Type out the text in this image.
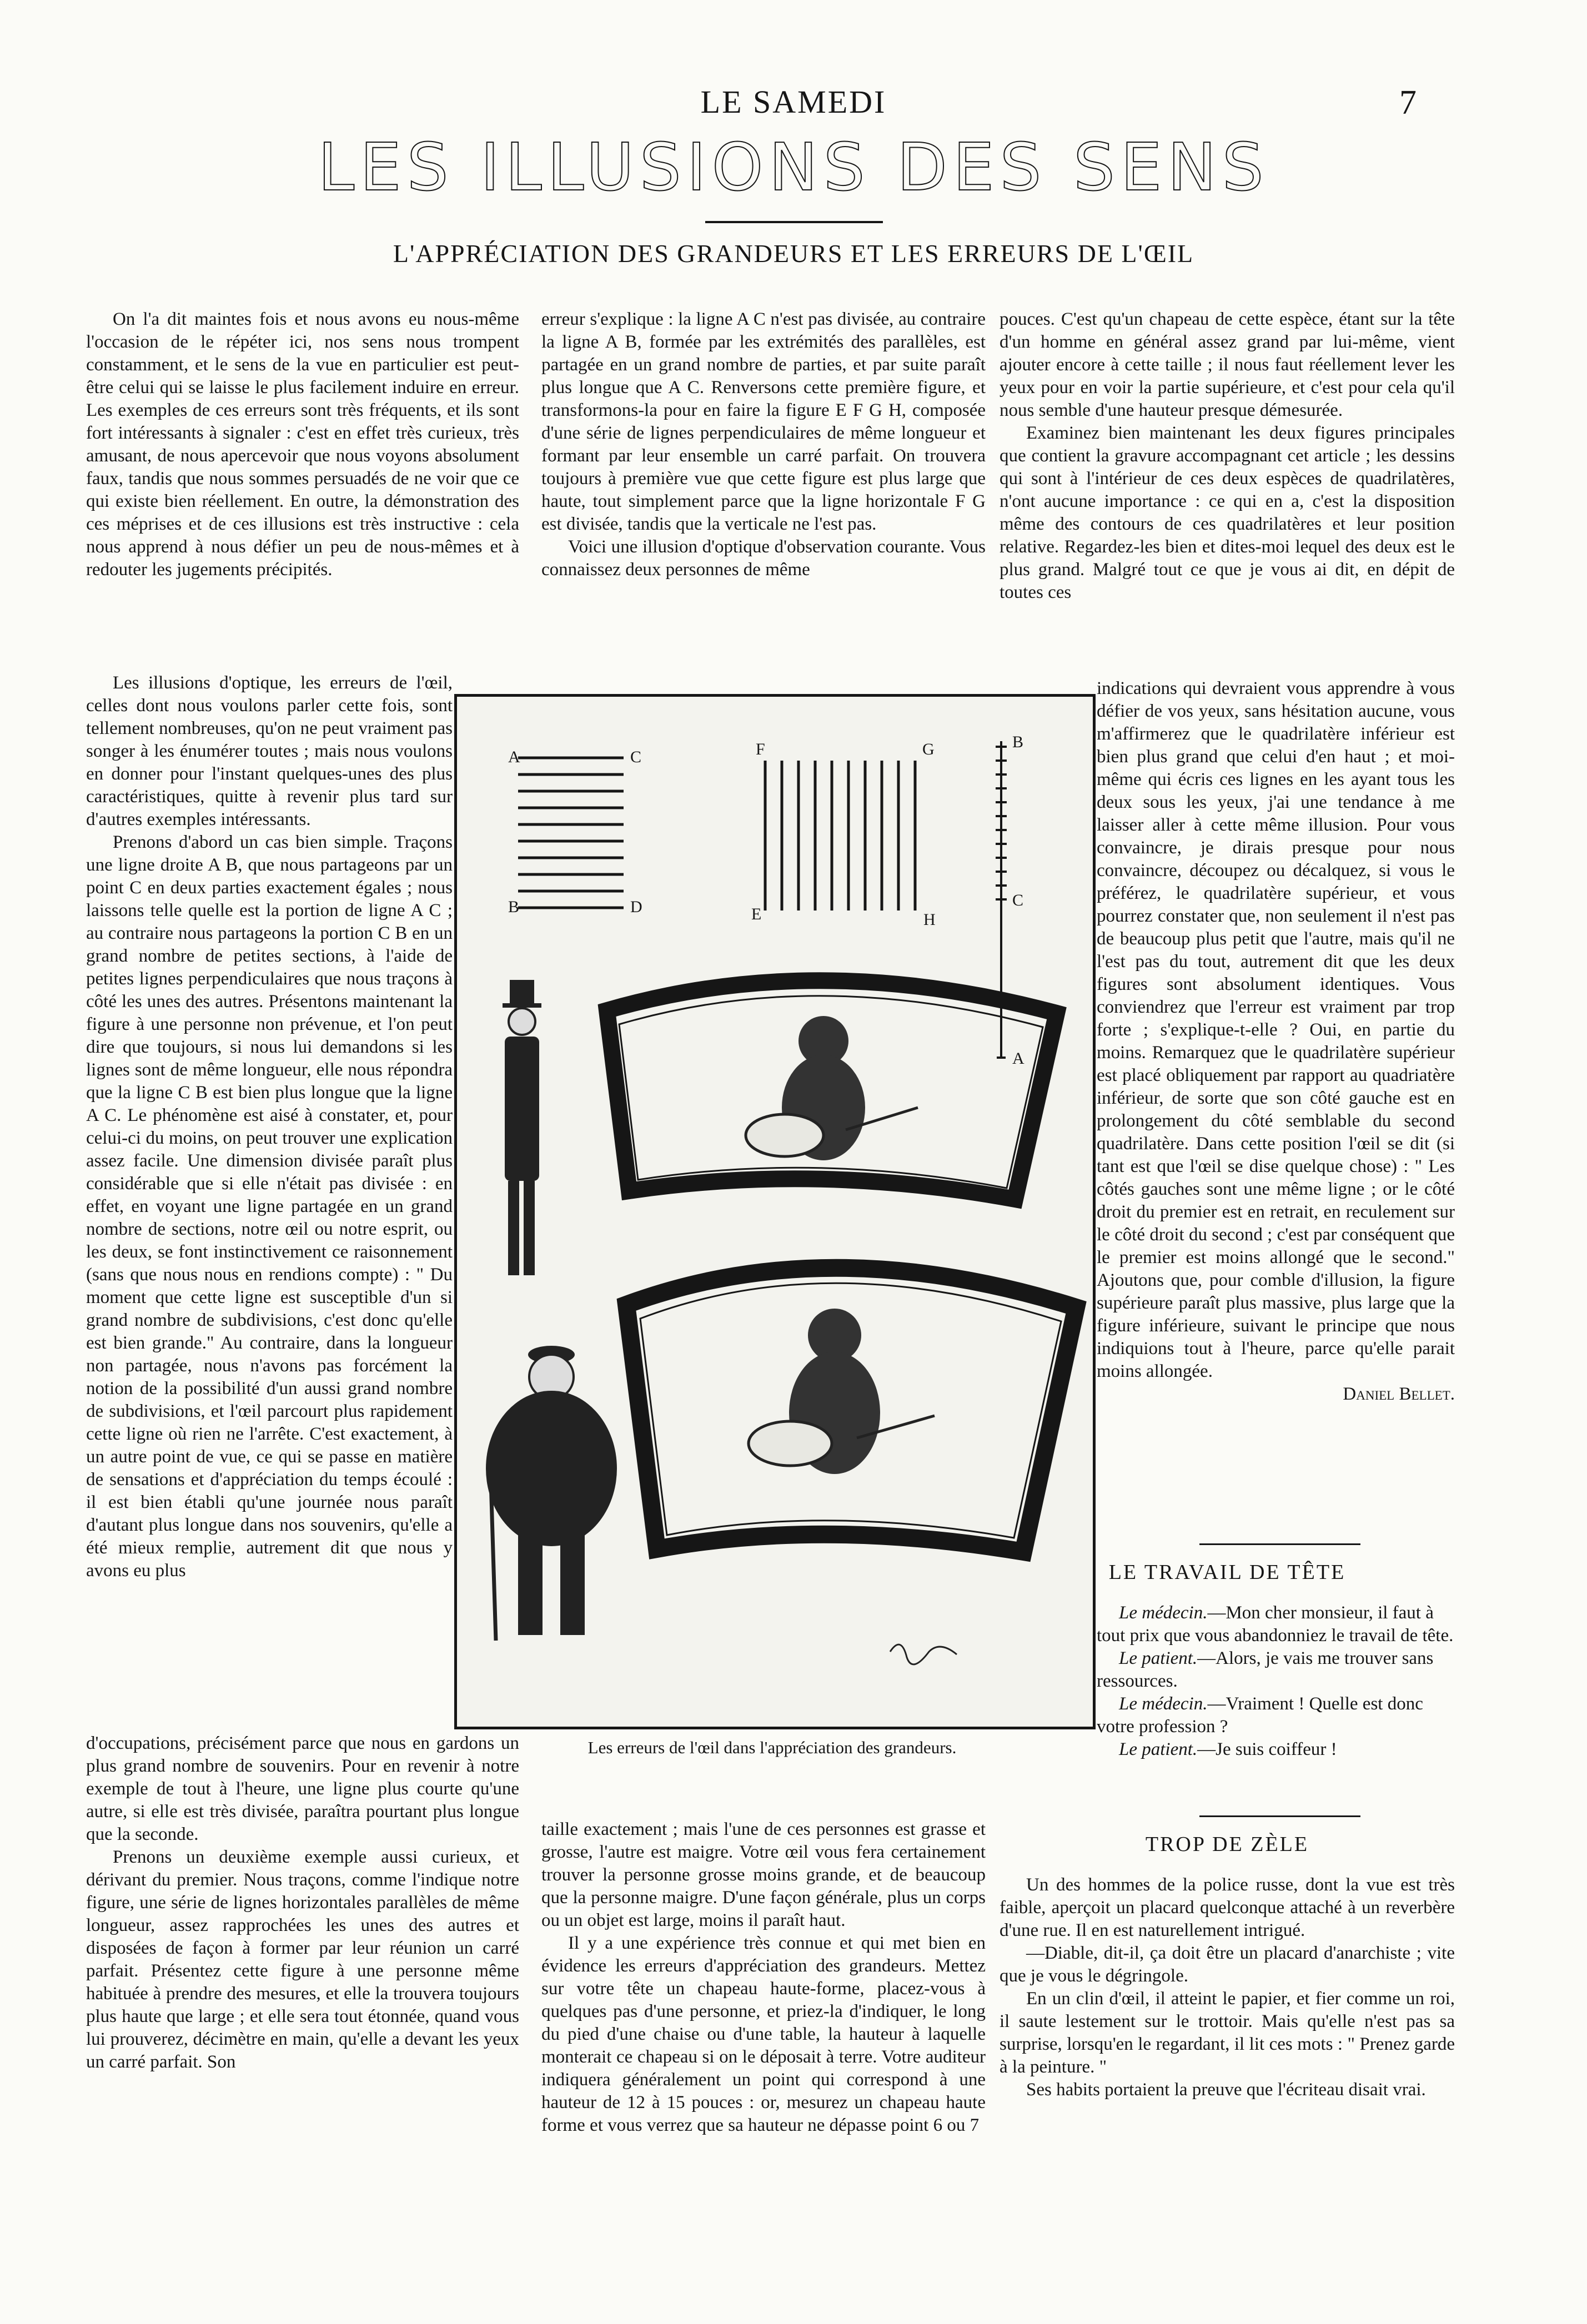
LE SAMEDI	7
LES ILLUSIONS DES SENS
L'APPRÉCIATION DES GRANDEURS ET LES ERREURS DE L'ŒIL

On l'a dit maintes fois et nous avons eu nous-même l'occasion de le répéter ici, nos sens nous trompent constamment, et le sens de la vue en particulier est peut-être celui qui se laisse le plus facilement induire en erreur. Les exemples de ces erreurs sont très fréquents, et ils sont fort intéressants à signaler : c'est en effet très curieux, très amusant, de nous apercevoir que nous voyons absolument faux, tandis que nous sommes persuadés de ne voir que ce qui existe bien réellement. En outre, la démonstration des ces méprises et de ces illusions est très instructive : cela nous apprend à nous défier un peu de nous-mêmes et à redouter les jugements précipités.

Les illusions d'optique, les erreurs de l'œil, celles dont nous voulons parler cette fois, sont tellement nombreuses, qu'on ne peut vraiment pas songer à les énumérer toutes ; mais nous voulons en donner pour l'instant quelques-unes des plus caractéristiques, quitte à revenir plus tard sur d'autres exemples intéressants.

Prenons d'abord un cas bien simple. Traçons une ligne droite A B, que nous partageons par un point C en deux parties exactement égales ; nous laissons telle quelle est la portion de ligne A C ; au contraire nous partageons la portion C B en un grand nombre de petites sections, à l'aide de petites lignes perpendiculaires que nous traçons à côté les unes des autres. Présentons maintenant la figure à une personne non prévenue, et l'on peut dire que toujours, si nous lui demandons si les lignes sont de même longueur, elle nous répondra que la ligne C B est bien plus longue que la ligne A C. Le phénomène est aisé à constater, et, pour celui-ci du moins, on peut trouver une explication assez facile. Une dimension divisée paraît plus considérable que si elle n'était pas divisée : en effet, en voyant une ligne partagée en un grand nombre de sections, notre œil ou notre esprit, ou les deux, se font instinctivement ce raisonnement (sans que nous nous en rendions compte) : " Du moment que cette ligne est susceptible d'un si grand nombre de subdivisions, c'est donc qu'elle est bien grande." Au contraire, dans la longueur non partagée, nous n'avons pas forcément la notion de la possibilité d'un aussi grand nombre de subdivisions, et l'œil parcourt plus rapidement cette ligne où rien ne l'arrête. C'est exactement, à un autre point de vue, ce qui se passe en matière de sensations et d'appréciation du temps écoulé : il est bien établi qu'une journée nous paraît d'autant plus longue dans nos souvenirs, qu'elle a été mieux remplie, autrement dit que nous y avons eu plus

d'occupations, précisément parce que nous en gardons un plus grand nombre de souvenirs. Pour en revenir à notre exemple de tout à l'heure, une ligne plus courte qu'une autre, si elle est très divisée, paraîtra pourtant plus longue que la seconde.

Prenons un deuxième exemple aussi curieux, et dérivant du premier. Nous traçons, comme l'indique notre figure, une série de lignes horizontales parallèles de même longueur, assez rapprochées les unes des autres et disposées de façon à former par leur réunion un carré parfait. Présentez cette figure à une personne même habituée à prendre des mesures, et elle la trouvera toujours plus haute que large ; et elle sera tout étonnée, quand vous lui prouverez, décimètre en main, qu'elle a devant les yeux un carré parfait. Son

erreur s'explique : la ligne A C n'est pas divisée, au contraire la ligne A B, formée par les extrémités des parallèles, est partagée en un grand nombre de parties, et par suite paraît plus longue que A C. Renversons cette première figure, et transformons-la pour en faire la figure E F G H, composée d'une série de lignes perpendiculaires de même longueur et formant par leur ensemble un carré parfait. On trouvera toujours à première vue que cette figure est plus large que haute, tout simplement parce que la ligne horizontale F G est divisée, tandis que la verticale ne l'est pas.

Voici une illusion d'optique d'observation courante. Vous connaissez deux personnes de même

taille exactement ; mais l'une de ces personnes est grasse et grosse, l'autre est maigre. Votre œil vous fera certainement trouver la personne grosse moins grande, et de beaucoup que la personne maigre. D'une façon générale, plus un corps ou un objet est large, moins il paraît haut.

Il y a une expérience très connue et qui met bien en évidence les erreurs d'appréciation des grandeurs. Mettez sur votre tête un chapeau haute-forme, placez-vous à quelques pas d'une personne, et priez-la d'indiquer, le long du pied d'une chaise ou d'une table, la hauteur à laquelle monterait ce chapeau si on le déposait à terre. Votre auditeur indiquera généralement un point qui correspond à une hauteur de 12 à 15 pouces : or, mesurez un chapeau haute forme et vous verrez que sa hauteur ne dépasse point 6 ou 7

pouces. C'est qu'un chapeau de cette espèce, étant sur la tête d'un homme en général assez grand par lui-même, vient ajouter encore à cette taille ; il nous faut réellement lever les yeux pour en voir la partie supérieure, et c'est pour cela qu'il nous semble d'une hauteur presque démesurée.

Examinez bien maintenant les deux figures principales que contient la gravure accompagnant cet article ; les dessins qui sont à l'intérieur de ces deux espèces de quadrilatères, n'ont aucune importance : ce qui en a, c'est la disposition même des contours de ces quadrilatères et leur position relative. Regardez-les bien et dites-moi lequel des deux est le plus grand. Malgré tout ce que je vous ai dit, en dépit de toutes ces

indications qui devraient vous apprendre à vous défier de vos yeux, sans hésitation aucune, vous m'affirmerez que le quadrilatère inférieur est bien plus grand que celui d'en haut ; et moi-même qui écris ces lignes en les ayant tous les deux sous les yeux, j'ai une tendance à me laisser aller à cette même illusion. Pour vous convaincre, je dirais presque pour nous convaincre, découpez ou décalquez, si vous le préférez, le quadrilatère supérieur, et vous pourrez constater que, non seulement il n'est pas de beaucoup plus petit que l'autre, mais qu'il ne l'est pas du tout, autrement dit que les deux figures sont absolument identiques. Vous conviendrez que l'erreur est vraiment par trop forte ; s'explique-t-elle ? Oui, en partie du moins. Remarquez que le quadrilatère supérieur est placé obliquement par rapport au quadriatère inférieur, de sorte que son côté gauche est en prolongement du côté semblable du second quadrilatère. Dans cette position l'œil se dit (si tant est que l'œil se dise quelque chose) : " Les côtés gauches sont une même ligne ; or le côté droit du premier est en retrait, en reculement sur le côté droit du second ; c'est par conséquent que le premier est moins allongé que le second." Ajoutons que, pour comble d'illusion, la figure supérieure paraît plus massive, plus large que la figure inférieure, suivant le principe que nous indiquions tout à l'heure, parce qu'elle parait moins allongée.

Daniel Bellet.

A	C
B	D
F	G
E	H
B
C
A
Les erreurs de l'œil dans l'appréciation des grandeurs.
LE TRAVAIL DE TÊTE

Le médecin.—Mon cher monsieur, il faut à tout prix que vous abandonniez le travail de tête.

Le patient.—Alors, je vais me trouver sans ressources.

Le médecin.—Vraiment ! Quelle est donc votre profession ?

Le patient.—Je suis coiffeur !

TROP DE ZÈLE

Un des hommes de la police russe, dont la vue est très faible, aperçoit un placard quelconque attaché à un reverbère d'une rue. Il en est naturellement intrigué.

—Diable, dit-il, ça doit être un placard d'anarchiste ; vite que je vous le dégringole.

En un clin d'œil, il atteint le papier, et fier comme un roi, il saute lestement sur le trottoir. Mais qu'elle n'est pas sa surprise, lorsqu'en le regardant, il lit ces mots : " Prenez garde à la peinture. "

Ses habits portaient la preuve que l'écriteau disait vrai.
